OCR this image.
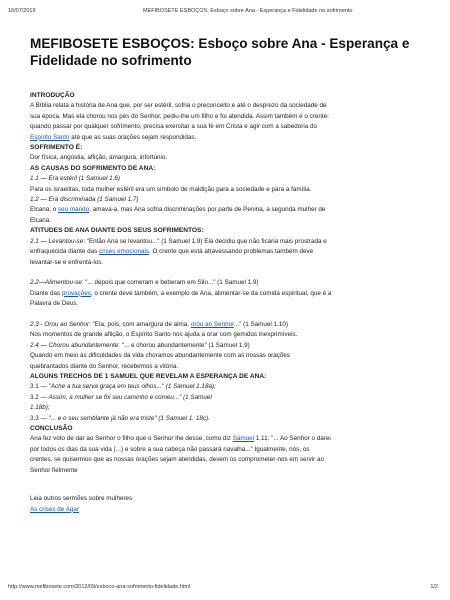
10/07/2019	MEFIBOSETE ESBOÇOS: Esboço sobre Ana - Esperança e Fidelidade no sofrimento
MEFIBOSETE ESBOÇOS: Esboço sobre Ana - Esperança e Fidelidade no sofrimento

INTRODUÇÃO

A Bíblia relata a história de Ana que, por ser estéril, sofria o preconceito e até o desprezo da sociedade de

sua época. Mas ela chorou nos pés do Senhor, pediu-lhe um filho e foi atendida. Assim também é o crente:

quando passar por qualquer sofrimento, precisa exercitar a sua fé em Crista e agir com a sabedoria do

Espírito Santo até que as suas orações sejam respondidas.

SOFRIMENTO É:

Dor física, angústia, aflição, amargura, infortúnio.

AS CAUSAS DO SOFRIMENTO DE ANA:

1.1 — Era estéril (1 Samuel 1.6)

Para os israelitas, toda mulher estéril era um símbolo de maldição para a sociedade e para a família.

1.2 — Era discriminada (1 Samuel 1.7)

Elcana, o seu marido, amava-a, mas Ana sofria discriminações por parte de Penina, a segunda mulher de

Elcana.

ATITUDES DE ANA DIANTE DOS SEUS SOFRIMENTOS:

2.1 — Levantou-se: "Então Ana se levantou..." (1 Samuel 1.9) Ela decidiu que não ficaria mais prostrada e

enfraquecida diante das crises emocionais. O crente que está atravessando problemas também deve

levantar-se e enfrentá-los.

2.2—Alimentou-se: "... depois que comeram e beberam em Silo..." (1 Samuel 1.9)

Diante das provações, o crente deve também, a exemplo de Ana, alimentar-se da comida espiritual, que é a

Palavra de Deus.

2.3 - Orou ao Senhor: "Ela, pois, com amargura de alma, orou ao Senhor..." (1 Samuel 1.10)

Nos momentos de grande aflição, o Espírito Santo nos ajuda a orar com gemidos inexprimíveis.

2.4 — Chorou abundantemente: "... e chorou abundantemente" (1 Samuel 1.9)

Quando em meio às dificuldades da vida choramos abundantemente com as nossas orações

quebrantados diante do Senhor, recebemos a vitória.

ALGUNS TRECHOS DE 1 SAMUEL QUE REVELAM A ESPERANÇA DE ANA:

3.1 — "Ache a tua serva graça em teus olhos..." (1 Samuel 1.18a);

3.2 — Assim, a mulher se foi seu caminho e comeu..." (1 Samuel

1.18b);

3.3 — "... e o seu semblante já não era triste" (1 Samuel 1. 18c).

CONCLUSÃO

Ana fez voto de dar ao Senhor o filho que o Senhor lhe desse, como diz Samuel 1.11: "... Ao Senhor o darei

por todos os dias da sua vida (...) e sobre a sua cabeça não passará navalha..." Igualmente, nós, os

crentes, se quisermos que as nossas orações sejam atendidas, devem os comprometer-nos em servir ao

Senhor fielmente

Leia outros sermões sobre mulheres

As crises de Agar

http://www.mefibosete.com/2012/09/esboco-ana-sofrimento-fidelidade.html	1/2
